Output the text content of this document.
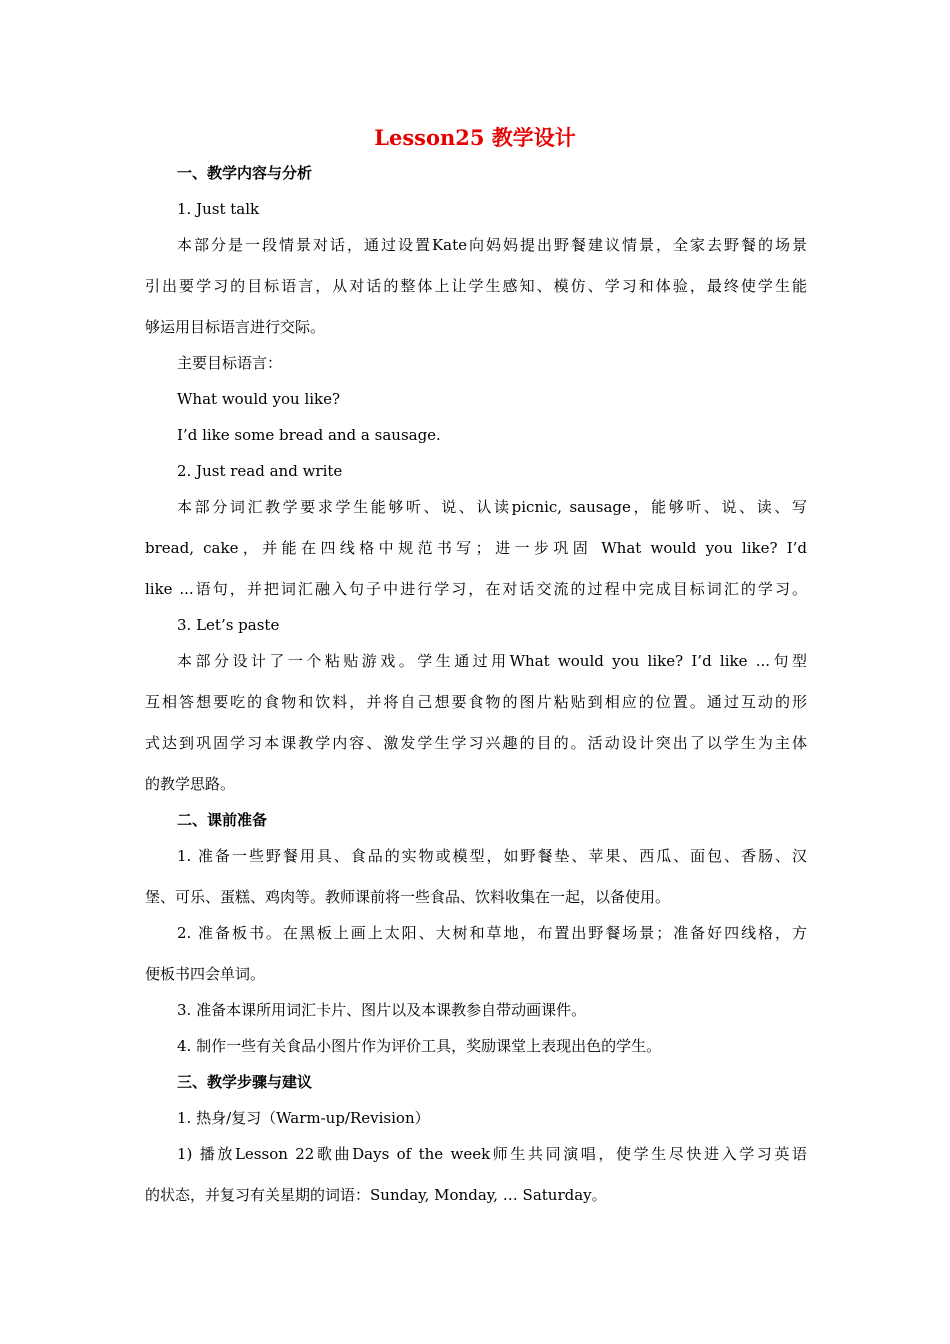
Lesson25 教学设计
一、教学内容与分析
1. Just talk
本部分是一段情景对话，通过设置Kate向妈妈提出野餐建议情景，全家去野餐的场景
引出要学习的目标语言，从对话的整体上让学生感知、模仿、学习和体验，最终使学生能
够运用目标语言进行交际。
主要目标语言：
What would you like?
I’d like some bread and a sausage.
2. Just read and write
本部分词汇教学要求学生能够听、说、认读picnic, sausage，能够听、说、读、写
bread, cake，并能在四线格中规范书写；进一步巩固 What would you like? I’d
like ...语句，并把词汇融入句子中进行学习，在对话交流的过程中完成目标词汇的学习。
3. Let’s paste
本部分设计了一个粘贴游戏。学生通过用What would you like? I’d like ...句型
互相答想要吃的食物和饮料，并将自己想要食物的图片粘贴到相应的位置。通过互动的形
式达到巩固学习本课教学内容、激发学生学习兴趣的目的。活动设计突出了以学生为主体
的教学思路。
二、课前准备
1. 准备一些野餐用具、食品的实物或模型，如野餐垫、苹果、西瓜、面包、香肠、汉
堡、可乐、蛋糕、鸡肉等。教师课前将一些食品、饮料收集在一起，以备使用。
2. 准备板书。在黑板上画上太阳、大树和草地，布置出野餐场景；准备好四线格，方
便板书四会单词。
3. 准备本课所用词汇卡片、图片以及本课教参自带动画课件。
4. 制作一些有关食品小图片作为评价工具，奖励课堂上表现出色的学生。
三、教学步骤与建议
1. 热身/复习（Warm-up/Revision）
1) 播放Lesson 22歌曲Days of the week师生共同演唱，使学生尽快进入学习英语
的状态，并复习有关星期的词语：Sunday, Monday, … Saturday。
